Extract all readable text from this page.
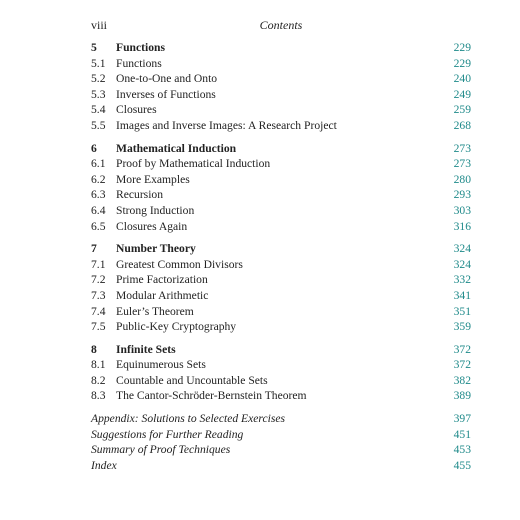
viii	Contents
5 Functions	229
5.1 Functions	229
5.2 One-to-One and Onto	240
5.3 Inverses of Functions	249
5.4 Closures	259
5.5 Images and Inverse Images: A Research Project	268
6 Mathematical Induction	273
6.1 Proof by Mathematical Induction	273
6.2 More Examples	280
6.3 Recursion	293
6.4 Strong Induction	303
6.5 Closures Again	316
7 Number Theory	324
7.1 Greatest Common Divisors	324
7.2 Prime Factorization	332
7.3 Modular Arithmetic	341
7.4 Euler’s Theorem	351
7.5 Public-Key Cryptography	359
8 Infinite Sets	372
8.1 Equinumerous Sets	372
8.2 Countable and Uncountable Sets	382
8.3 The Cantor-Schröder-Bernstein Theorem	389
Appendix: Solutions to Selected Exercises	397
Suggestions for Further Reading	451
Summary of Proof Techniques	453
Index	455
